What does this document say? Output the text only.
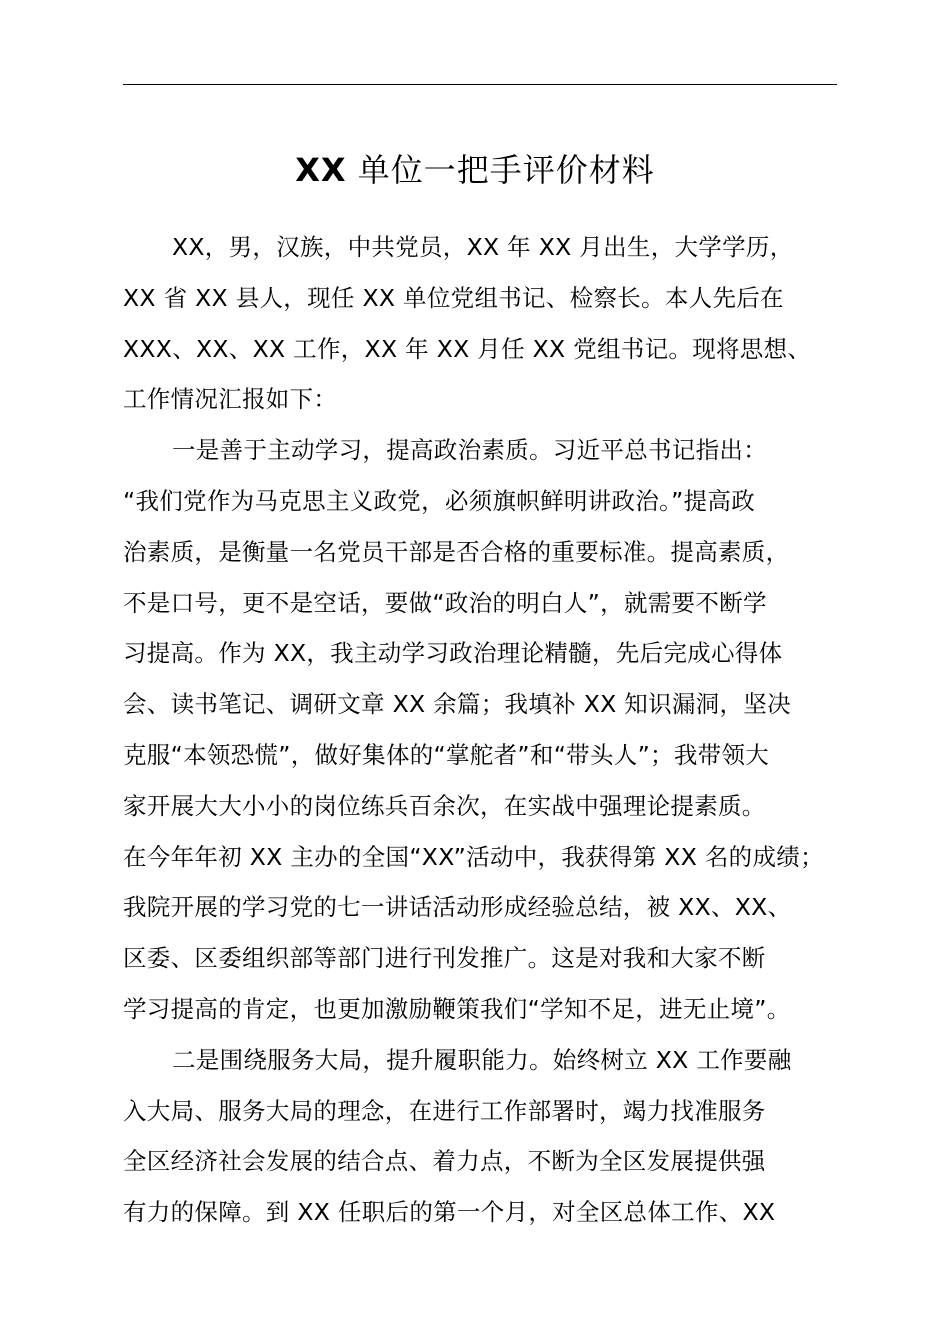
XX 单位一把手评价材料
XX，男，汉族，中共党员，XX 年 XX 月出生，大学学历，
XX 省 XX 县人，现任 XX 单位党组书记、检察长。本人先后在
XXX、XX、XX 工作，XX 年 XX 月任 XX 党组书记。现将思想、
工作情况汇报如下：
一是善于主动学习，提高政治素质。习近平总书记指出：
“我们党作为马克思主义政党，必须旗帜鲜明讲政治。”提高政
治素质，是衡量一名党员干部是否合格的重要标准。提高素质，
不是口号，更不是空话，要做“政治的明白人”，就需要不断学
习提高。作为 XX，我主动学习政治理论精髓，先后完成心得体
会、读书笔记、调研文章 XX 余篇；我填补 XX 知识漏洞，坚决
克服“本领恐慌”，做好集体的“掌舵者”和“带头人”；我带领大
家开展大大小小的岗位练兵百余次，在实战中强理论提素质。
在今年年初 XX 主办的全国“XX”活动中，我获得第 XX 名的成绩；
我院开展的学习党的七一讲话活动形成经验总结，被 XX、XX、
区委、区委组织部等部门进行刊发推广。这是对我和大家不断
学习提高的肯定，也更加激励鞭策我们“学知不足，进无止境”。
二是围绕服务大局，提升履职能力。始终树立 XX 工作要融
入大局、服务大局的理念，在进行工作部署时，竭力找准服务
全区经济社会发展的结合点、着力点，不断为全区发展提供强
有力的保障。到 XX 任职后的第一个月，对全区总体工作、XX
